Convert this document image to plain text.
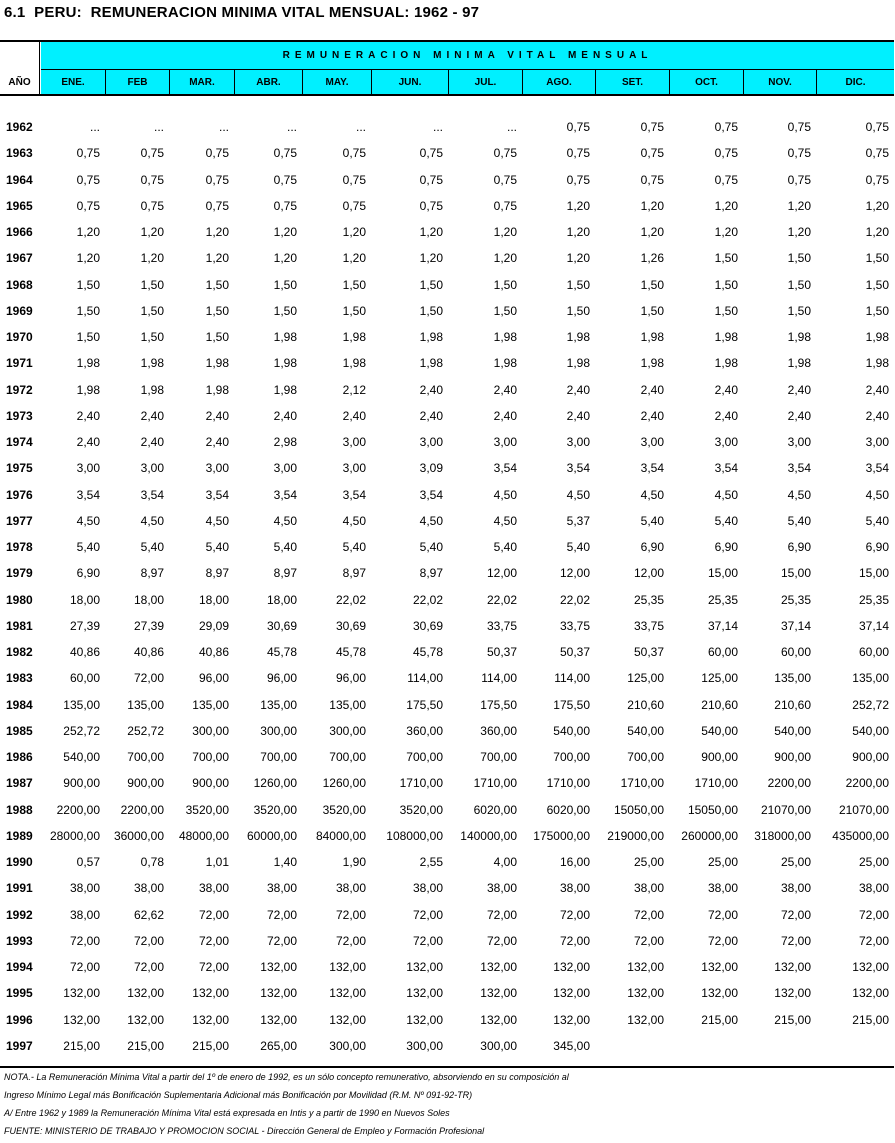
6.1  PERU:  REMUNERACION MINIMA VITAL MENSUAL: 1962 - 97
AÑO
REMUNERACION MINIMA VITAL MENSUAL
ENE.	FEB	MAR.	ABR.	MAY.	JUN.	JUL.	AGO.	SET.	OCT.	NOV.	DIC.
1962	...	...	...	...	...	...	...	0,75	0,75	0,75	0,75	0,75
1963	0,75	0,75	0,75	0,75	0,75	0,75	0,75	0,75	0,75	0,75	0,75	0,75
1964	0,75	0,75	0,75	0,75	0,75	0,75	0,75	0,75	0,75	0,75	0,75	0,75
1965	0,75	0,75	0,75	0,75	0,75	0,75	0,75	1,20	1,20	1,20	1,20	1,20
1966	1,20	1,20	1,20	1,20	1,20	1,20	1,20	1,20	1,20	1,20	1,20	1,20
1967	1,20	1,20	1,20	1,20	1,20	1,20	1,20	1,20	1,26	1,50	1,50	1,50
1968	1,50	1,50	1,50	1,50	1,50	1,50	1,50	1,50	1,50	1,50	1,50	1,50
1969	1,50	1,50	1,50	1,50	1,50	1,50	1,50	1,50	1,50	1,50	1,50	1,50
1970	1,50	1,50	1,50	1,98	1,98	1,98	1,98	1,98	1,98	1,98	1,98	1,98
1971	1,98	1,98	1,98	1,98	1,98	1,98	1,98	1,98	1,98	1,98	1,98	1,98
1972	1,98	1,98	1,98	1,98	2,12	2,40	2,40	2,40	2,40	2,40	2,40	2,40
1973	2,40	2,40	2,40	2,40	2,40	2,40	2,40	2,40	2,40	2,40	2,40	2,40
1974	2,40	2,40	2,40	2,98	3,00	3,00	3,00	3,00	3,00	3,00	3,00	3,00
1975	3,00	3,00	3,00	3,00	3,00	3,09	3,54	3,54	3,54	3,54	3,54	3,54
1976	3,54	3,54	3,54	3,54	3,54	3,54	4,50	4,50	4,50	4,50	4,50	4,50
1977	4,50	4,50	4,50	4,50	4,50	4,50	4,50	5,37	5,40	5,40	5,40	5,40
1978	5,40	5,40	5,40	5,40	5,40	5,40	5,40	5,40	6,90	6,90	6,90	6,90
1979	6,90	8,97	8,97	8,97	8,97	8,97	12,00	12,00	12,00	15,00	15,00	15,00
1980	18,00	18,00	18,00	18,00	22,02	22,02	22,02	22,02	25,35	25,35	25,35	25,35
1981	27,39	27,39	29,09	30,69	30,69	30,69	33,75	33,75	33,75	37,14	37,14	37,14
1982	40,86	40,86	40,86	45,78	45,78	45,78	50,37	50,37	50,37	60,00	60,00	60,00
1983	60,00	72,00	96,00	96,00	96,00	114,00	114,00	114,00	125,00	125,00	135,00	135,00
1984	135,00 135,00 135,00	135,00	135,00	175,50	175,50	175,50	210,60	210,60	210,60	252,72
1985	252,72 252,72 300,00	300,00	300,00	360,00	360,00	540,00	540,00	540,00	540,00	540,00
1986	540,00 700,00 700,00	700,00	700,00	700,00	700,00	700,00	700,00	900,00	900,00	900,00
1987	900,00 900,00 900,00 1260,00 1260,00	1710,00	1710,00 1710,00	1710,00	1710,00 2200,00	2200,00
1988 2200,00 2200,00 3520,00 3520,00 3520,00	3520,00	6020,00 6020,00 15050,00 15050,00 21070,00 21070,00
1989 28000,00 36000,00 48000,00 60000,00 84000,00 108000,00 140000,00 175000,00 219000,00 260000,00 318000,00 435000,00
1990	0,57	0,78	1,01	1,40	1,90	2,55	4,00	16,00	25,00	25,00	25,00	25,00
1991	38,00	38,00	38,00	38,00	38,00	38,00	38,00	38,00	38,00	38,00	38,00	38,00
1992	38,00	62,62	72,00	72,00	72,00	72,00	72,00	72,00	72,00	72,00	72,00	72,00
1993	72,00	72,00	72,00	72,00	72,00	72,00	72,00	72,00	72,00	72,00	72,00	72,00
1994	72,00	72,00	72,00	132,00	132,00	132,00	132,00	132,00	132,00	132,00	132,00	132,00
1995	132,00 132,00 132,00	132,00	132,00	132,00	132,00	132,00	132,00	132,00	132,00	132,00
1996	132,00 132,00 132,00	132,00	132,00	132,00	132,00	132,00	132,00	215,00	215,00	215,00
1997	215,00 215,00 215,00	265,00	300,00	300,00	300,00	345,00
NOTA.- La Remuneración Mínima Vital a partir del 1º de enero de 1992, es un sólo concepto remunerativo, absorviendo en su composición al
Ingreso Mínimo Legal más Bonificación Suplementaria Adicional más Bonificación por Movilidad (R.M. Nº 091-92-TR)
A/ Entre 1962 y 1989 la Remuneración Mínima Vital está expresada en Intis y a partir de 1990 en Nuevos Soles
FUENTE: MINISTERIO DE TRABAJO Y PROMOCION SOCIAL - Dirección General de Empleo y Formación Profesional
